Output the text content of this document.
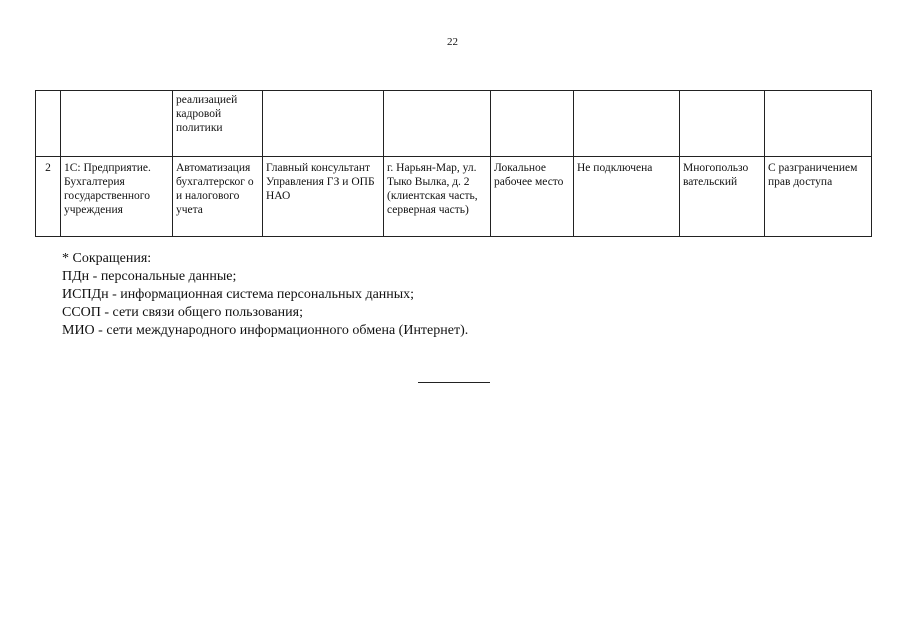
22
		реализацией кадровой политики						
2	1С: Предприятие. Бухгалтерия государственного учреждения	Автоматизация бухгалтерског о и налогового учета	Главный консультант Управления ГЗ и ОПБ НАО	г. Нарьян-Мар, ул. Тыко Вылка, д. 2 (клиентская часть, серверная часть)	Локальное рабочее место	Не подключена	Многопользо вательский	С разграничением прав доступа
* Сокращения:
ПДн - персональные данные;
ИСПДн - информационная система персональных данных;
ССОП - сети связи общего пользования;
МИО - сети международного информационного обмена (Интернет).
